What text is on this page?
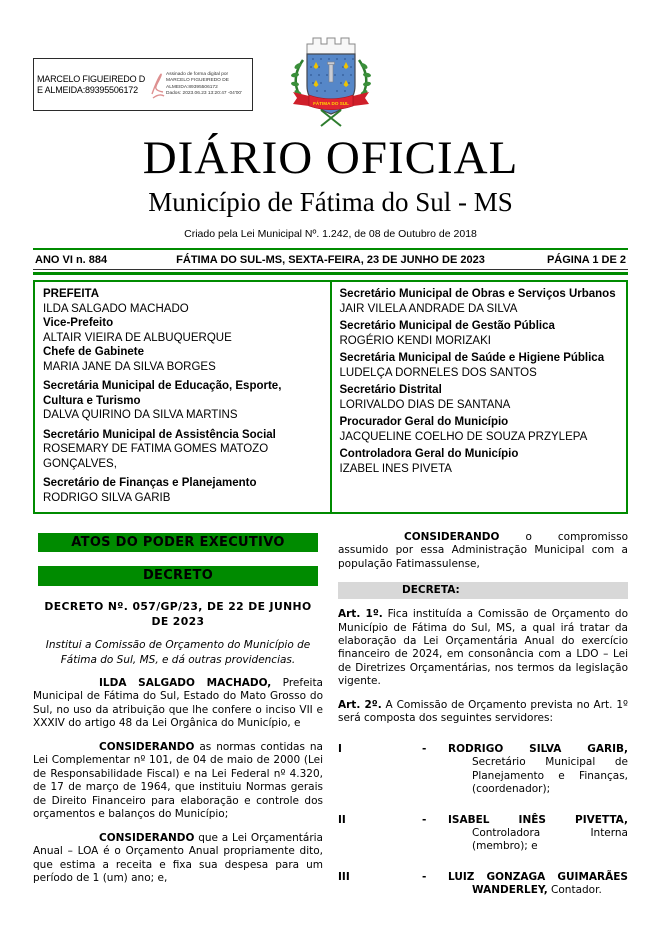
MARCELO FIGUEIREDO DE ALMEIDA:89395506172
Assinado de forma digital por
MARCELO FIGUEIREDO DE
ALMEIDA:89395506172
Dados: 2023.06.23 13:20:47 -04'00'
FÁTIMA DO SUL
DIÁRIO OFICIAL
Município de Fátima do Sul - MS
Criado pela Lei Municipal Nº. 1.242, de 08 de Outubro de 2018
ANO VI n. 884	FÁTIMA DO SUL-MS, SEXTA-FEIRA, 23 DE JUNHO DE 2023	PÁGINA 1 DE 2
PREFEITA
ILDA SALGADO MACHADO
Vice-Prefeito
ALTAIR VIEIRA DE ALBUQUERQUE
Chefe de Gabinete
MARIA JANE DA SILVA BORGES
Secretária Municipal de Educação, Esporte, Cultura e Turismo
DALVA QUIRINO DA SILVA MARTINS
Secretário Municipal de Assistência Social
ROSEMARY DE FATIMA GOMES MATOZO GONÇALVES,
Secretário de Finanças e Planejamento
RODRIGO SILVA GARIB
Secretário Municipal de Obras e Serviços Urbanos
JAIR VILELA ANDRADE DA SILVA
Secretário Municipal de Gestão Pública
ROGÉRIO KENDI MORIZAKI
Secretária Municipal de Saúde e Higiene Pública
LUDELÇA DORNELES DOS SANTOS
Secretário Distrital
LORIVALDO DIAS DE SANTANA
Procurador Geral do Município
JACQUELINE COELHO DE SOUZA PRZYLEPA
Controladora Geral do Município
IZABEL INES PIVETA
ATOS DO PODER EXECUTIVO
DECRETO
DECRETO Nº. 057/GP/23, DE 22 DE JUNHO DE 2023
Institui a Comissão de Orçamento do Município de Fátima do Sul, MS, e dá outras providencias.

ILDA SALGADO MACHADO, Prefeita Municipal de Fátima do Sul, Estado do Mato Grosso do Sul, no uso da atribuição que lhe confere o inciso VII e XXXIV do artigo 48 da Lei Orgânica do Município, e

CONSIDERANDO as normas contidas na Lei Complementar nº 101, de 04 de maio de 2000 (Lei de Responsabilidade Fiscal) e na Lei Federal nº 4.320, de 17 de março de 1964, que instituiu Normas gerais de Direito Financeiro para elaboração e controle dos orçamentos e balanços do Município;

CONSIDERANDO que a Lei Orçamentária Anual – LOA é o Orçamento Anual propriamente dito, que estima a receita e fixa sua despesa para um período de 1 (um) ano; e,

CONSIDERANDO o compromisso assumido por essa Administração Municipal com a população Fatimassulense,

DECRETA:

Art. 1º. Fica instituída a Comissão de Orçamento do Município de Fátima do Sul, MS, a qual irá tratar da elaboração da Lei Orçamentária Anual do exercício financeiro de 2024, em consonância com a LDO – Lei de Diretrizes Orçamentárias, nos termos da legislação vigente.

Art. 2º. A Comissão de Orçamento prevista no Art. 1º será composta dos seguintes servidores:

I	-	RODRIGO SILVA GARIB, Secretário Municipal de Planejamento e Finanças, (coordenador);
II	-	ISABEL INÊS PIVETTA, Controladora Interna (membro); e
III	-	LUIZ GONZAGA GUIMARÃES WANDERLEY, Contador.
